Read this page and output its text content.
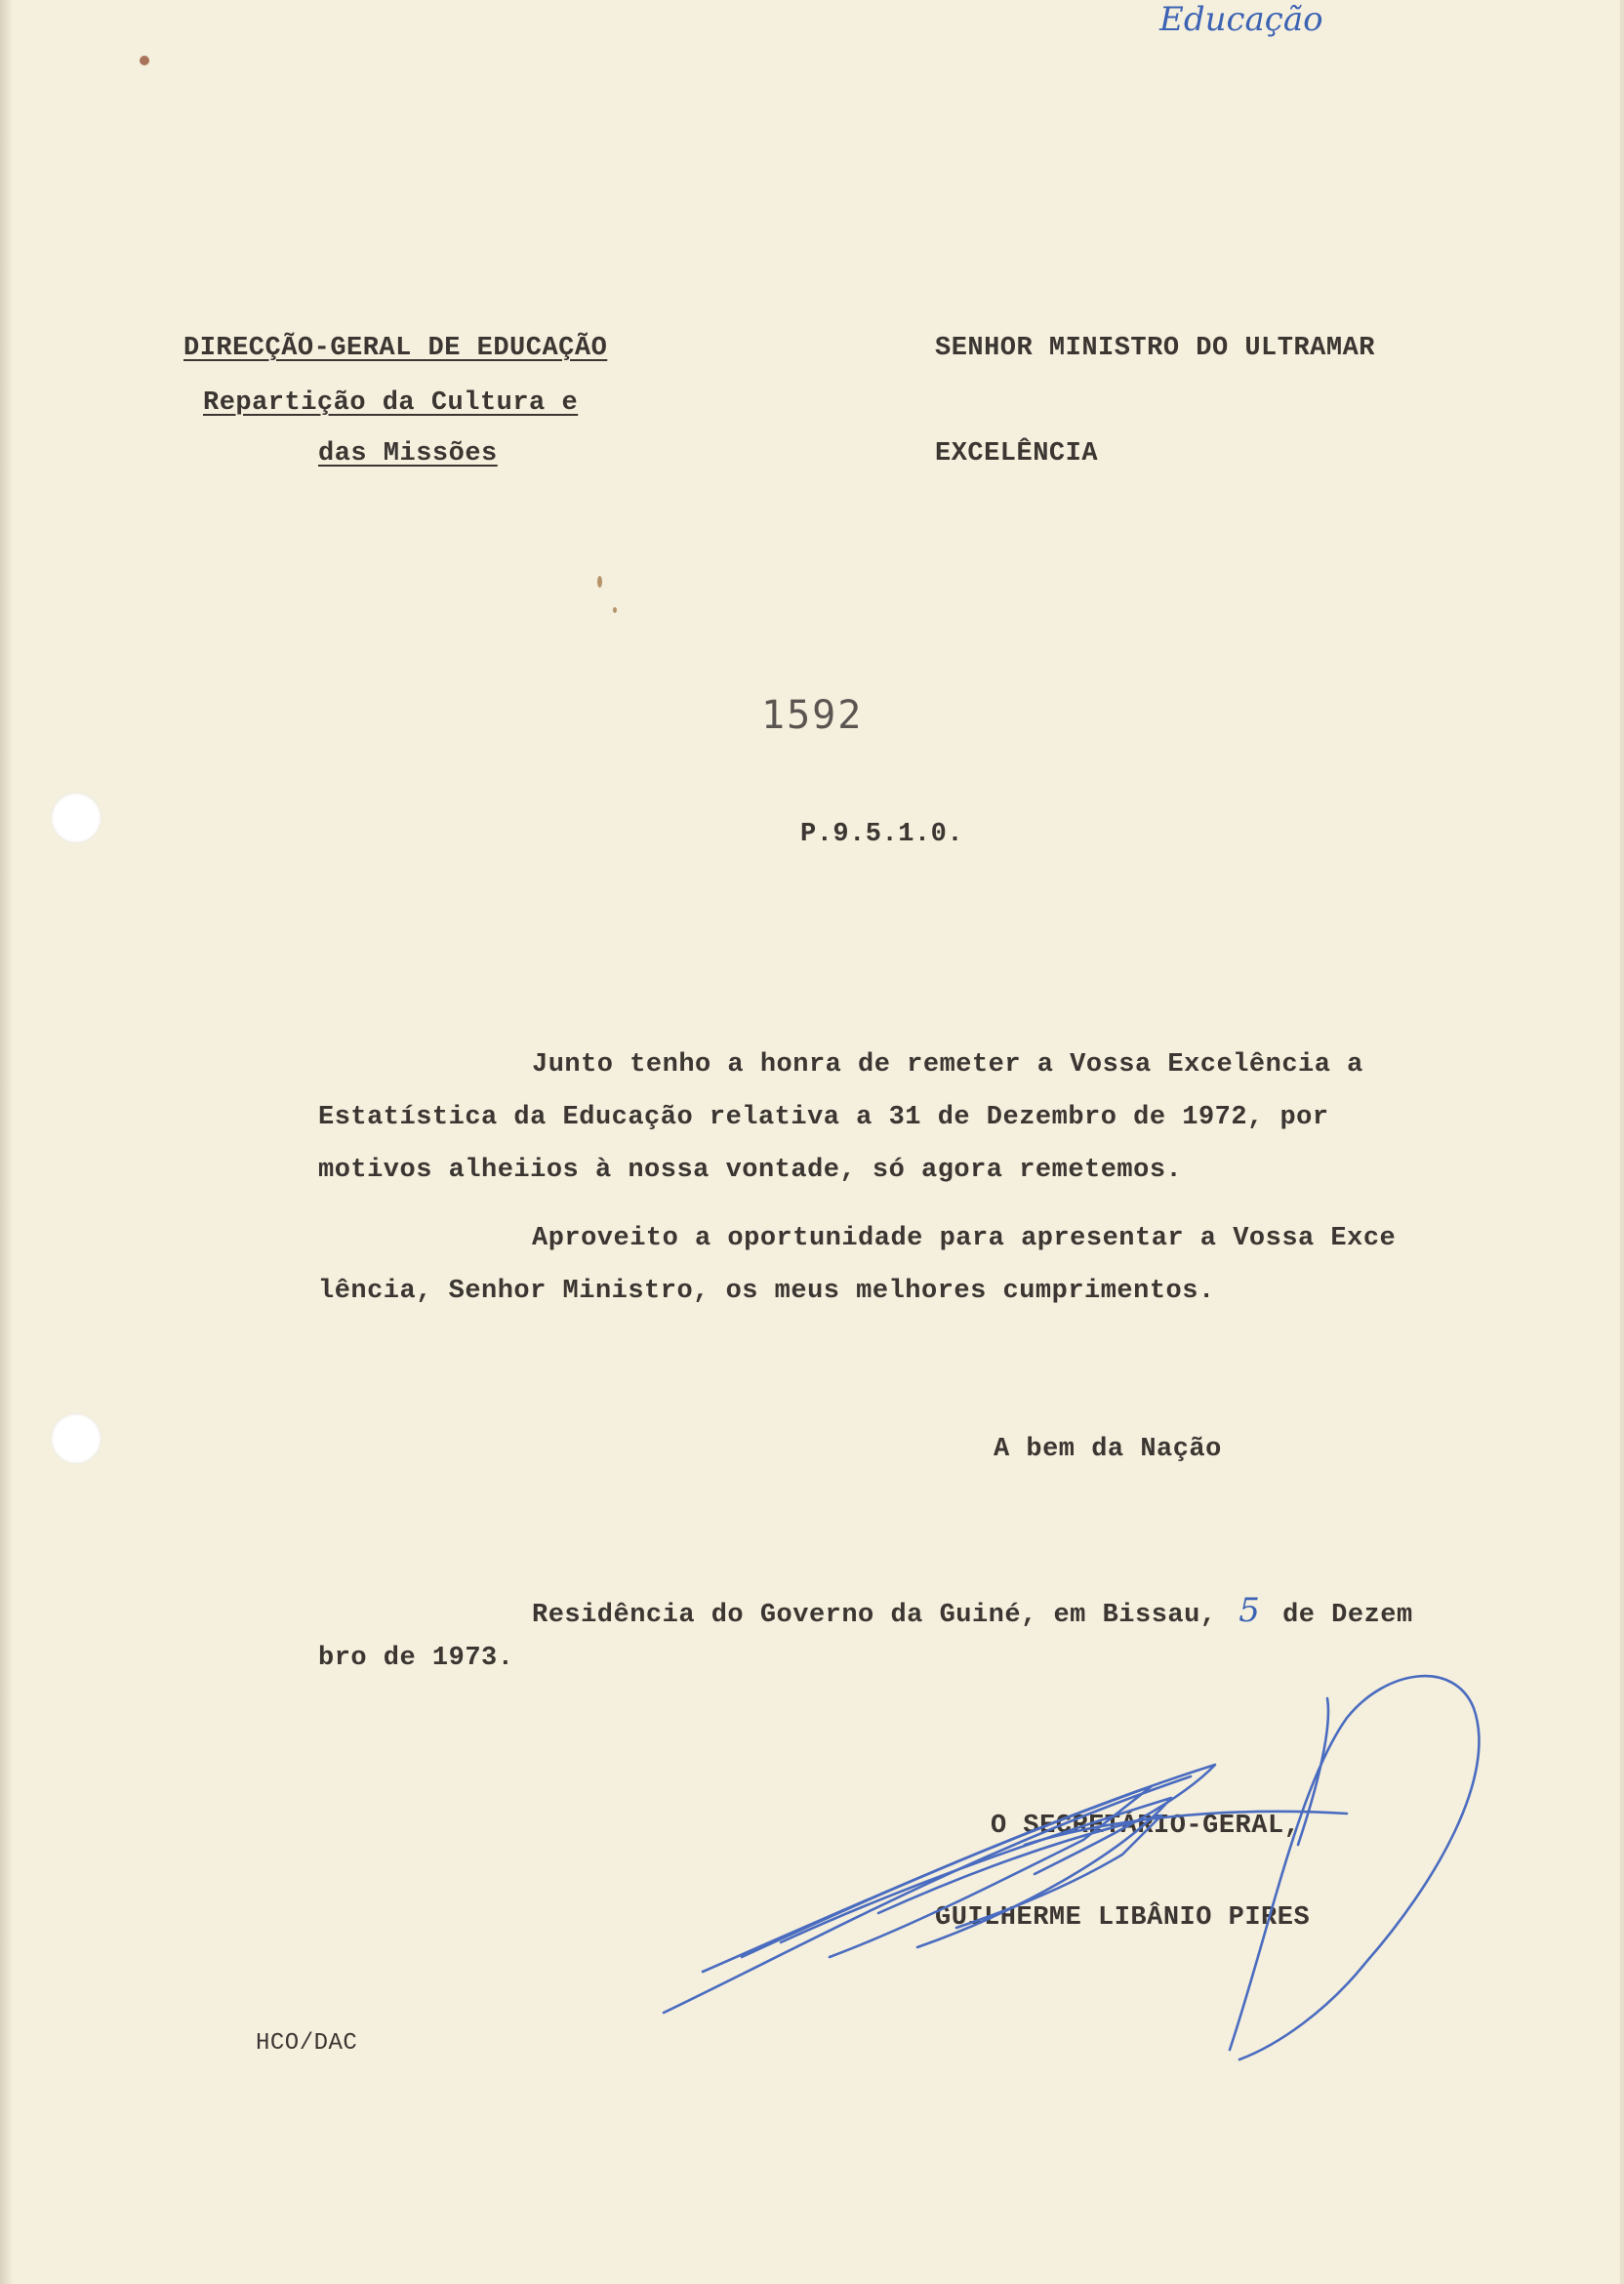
Educação
DIRECÇÃO-GERAL DE EDUCAÇÃO
Repartição da Cultura e
das Missões
SENHOR MINISTRO DO ULTRAMAR
EXCELÊNCIA
1592
P.9.5.1.0.
Junto tenho a honra de remeter a Vossa Excelência a
Estatística da Educação relativa a 31 de Dezembro de 1972, por
motivos alheiios à nossa vontade, só agora remetemos.
Aproveito a oportunidade para apresentar a Vossa Exce
lência, Senhor Ministro, os meus melhores cumprimentos.
A bem da Nação
Residência do Governo da Guiné, em Bissau, 5 de Dezem
bro de 1973.
O SECRETÁRIO-GERAL,
GUILHERME LIBÂNIO PIRES
HCO/DAC
